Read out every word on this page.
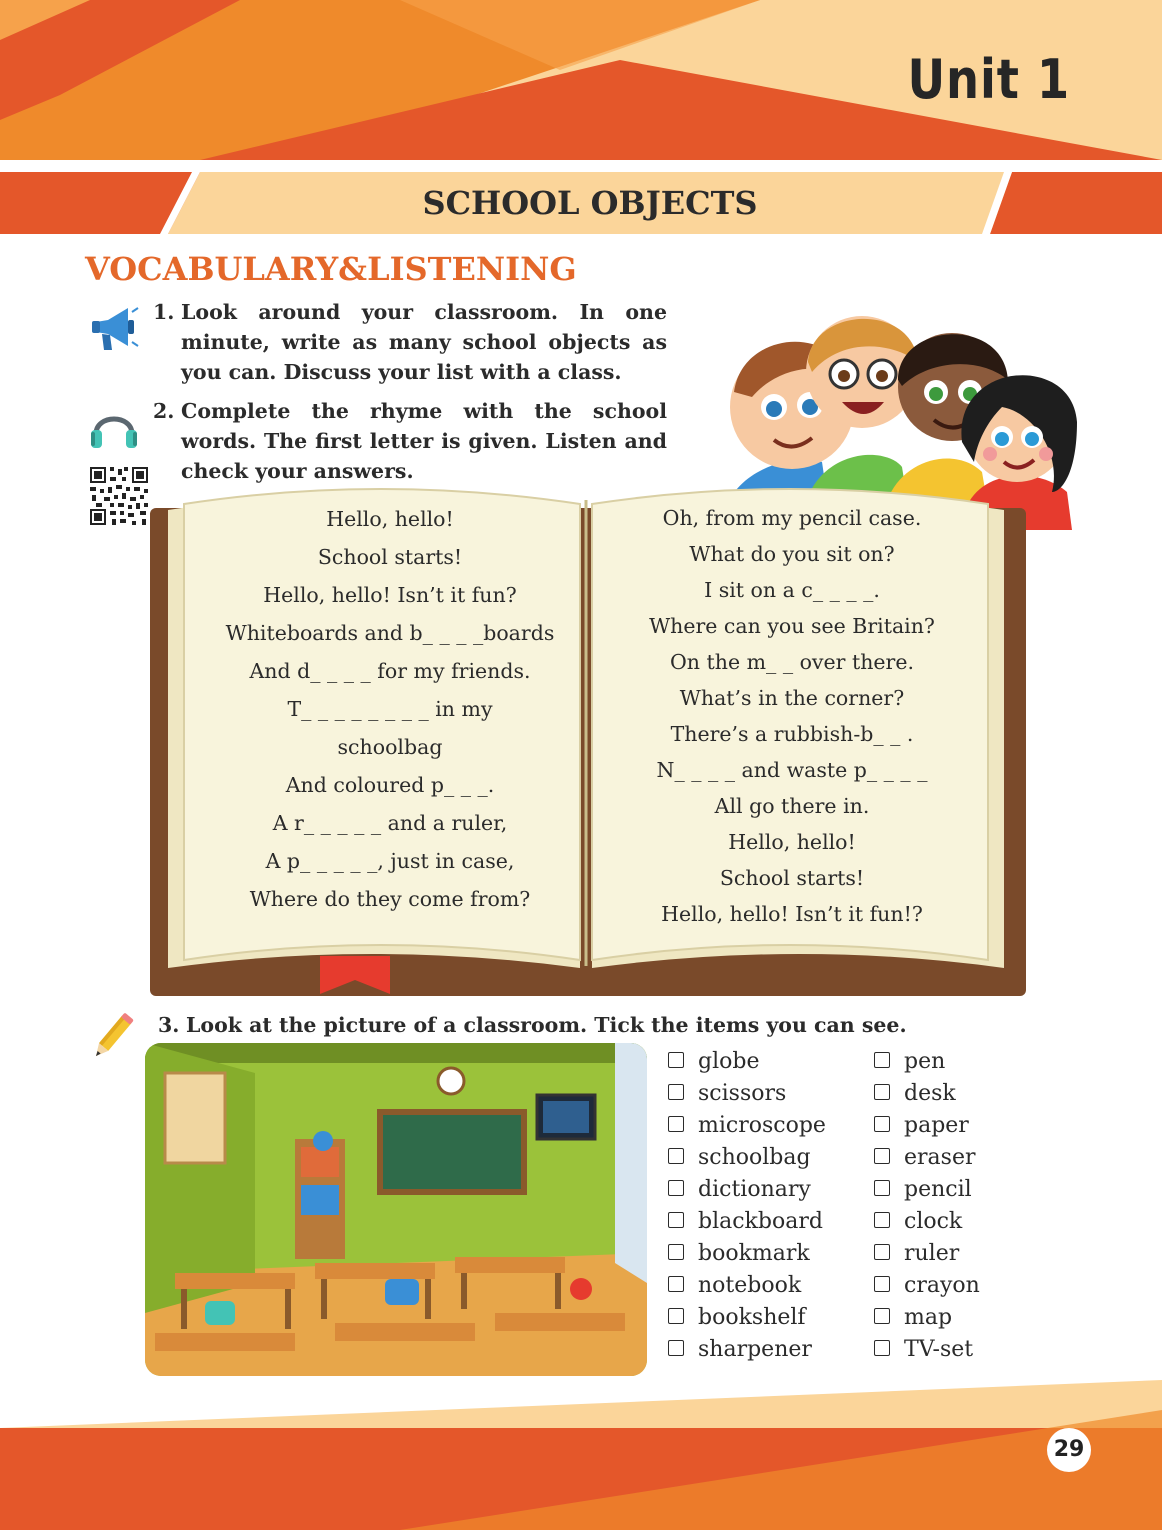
Unit 1
SCHOOL OBJECTS
VOCABULARY&LISTENING
1. Look around your classroom. In one minute, write as many school objects as you can. Discuss your list with a class.
2. Complete the rhyme with the school words. The first letter is given. Listen and check your answers.
Hello, hello!
School starts!
Hello, hello! Isn’t it fun?
Whiteboards and b_ _ _ _boards
And d_ _ _ _ for my friends.
T_ _ _ _ _ _ _ _ in my
schoolbag
And coloured p_ _ _.
A r_ _ _ _ _ and a ruler,
A p_ _ _ _ _, just in case,
Where do they come from?
Oh, from my pencil case.
What do you sit on?
I sit on a c_ _ _ _.
Where can you see Britain?
On the m_ _ over there.
What’s in the corner?
There’s a rubbish-b_ _ .
N_ _ _ _ and waste p_ _ _ _
All go there in.
Hello, hello!
School starts!
Hello, hello! Isn’t it fun!?
3. Look at the picture of a classroom. Tick the items you can see.
globe
scissors
microscope
schoolbag
dictionary
blackboard
bookmark
notebook
bookshelf
sharpener
pen
desk
paper
eraser
pencil
clock
ruler
crayon
map
TV-set
29
